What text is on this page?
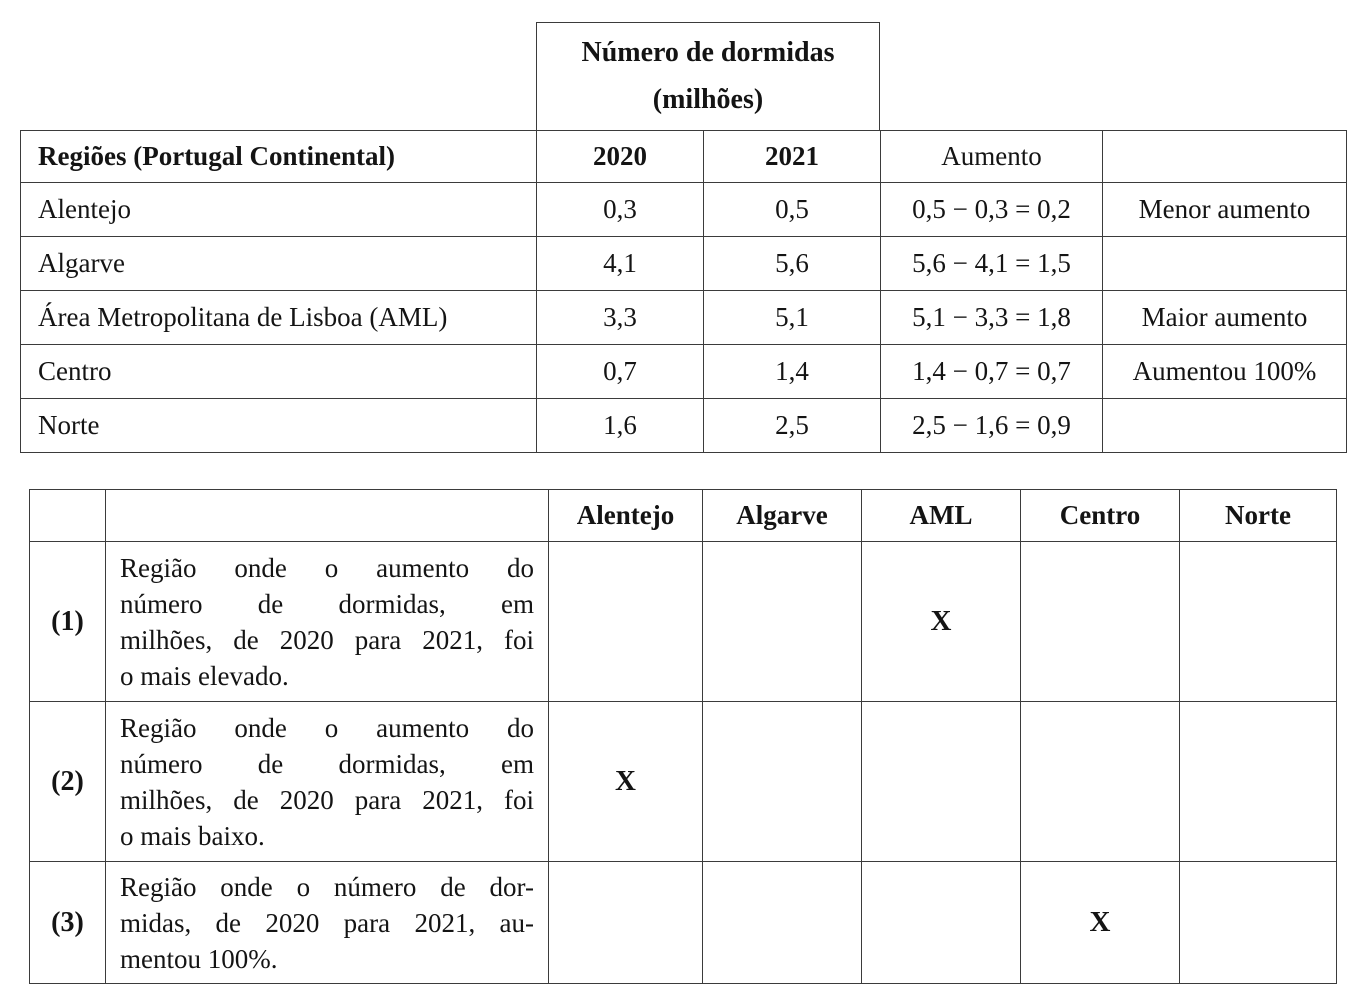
Número de dormidas
(milhões)
Regiões (Portugal Continental)	2020	2021	Aumento	
Alentejo	0,3	0,5	0,5 − 0,3 = 0,2	Menor aumento
Algarve	4,1	5,6	5,6 − 4,1 = 1,5	
Área Metropolitana de Lisboa (AML)	3,3	5,1	5,1 − 3,3 = 1,8	Maior aumento
Centro	0,7	1,4	1,4 − 0,7 = 0,7	Aumentou 100%
Norte	1,6	2,5	2,5 − 1,6 = 0,9	
		Alentejo	Algarve	AML	Centro	Norte
(1)	Região onde o aumento do
número de dormidas, em
milhões, de 2020 para 2021, foi
o mais elevado.			X		
(2)	Região onde o aumento do
número de dormidas, em
milhões, de 2020 para 2021, foi
o mais baixo.	X				
(3)	Região onde o número de dor-
midas, de 2020 para 2021, au-
mentou 100%.				X	
